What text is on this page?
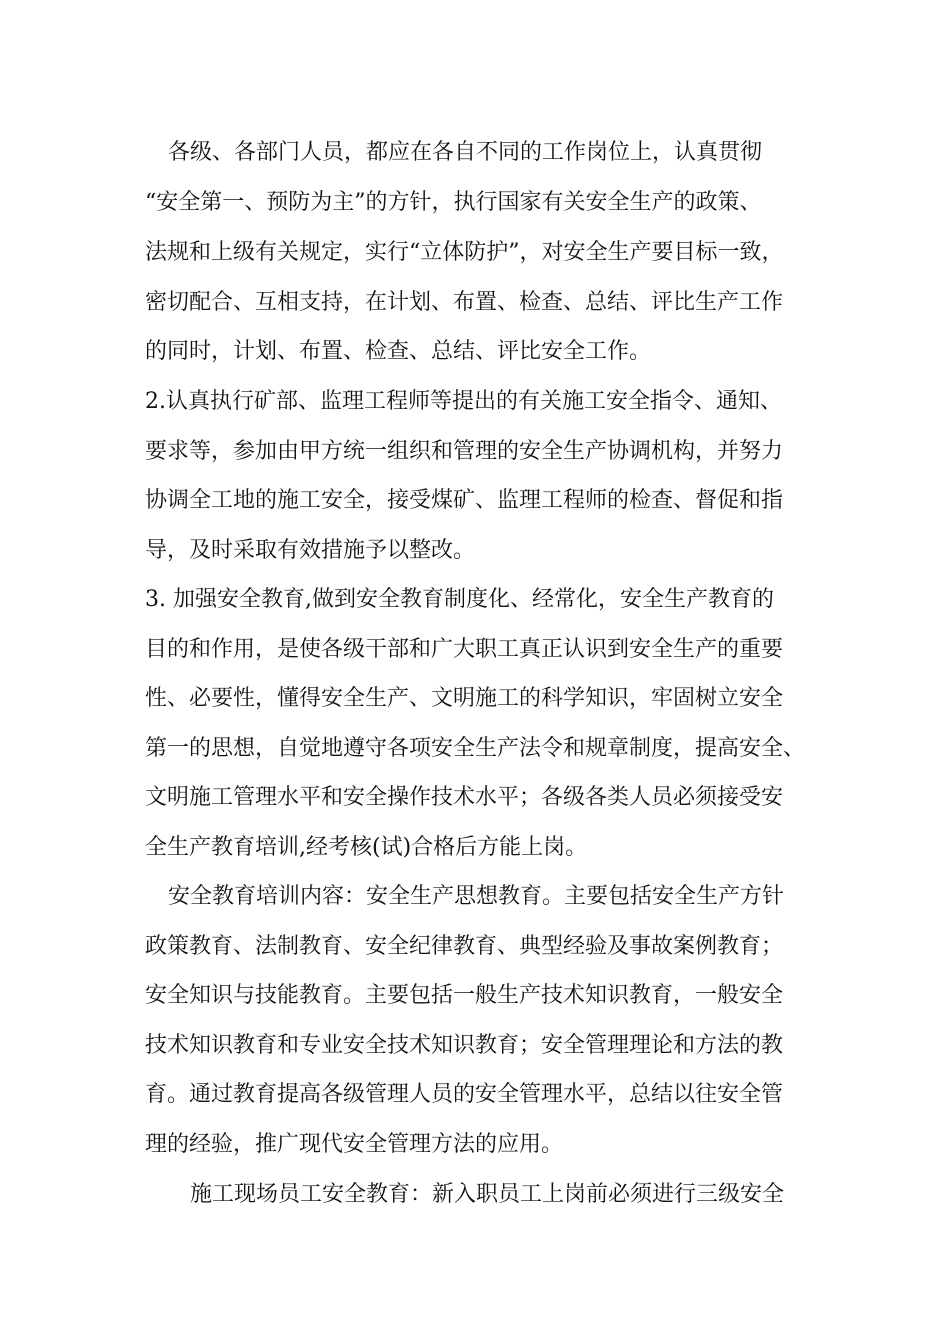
各级、各部门人员，都应在各自不同的工作岗位上，认真贯彻
“安全第一、预防为主”的方针，执行国家有关安全生产的政策、
法规和上级有关规定，实行“立体防护”，对安全生产要目标一致，
密切配合、互相支持，在计划、布置、检查、总结、评比生产工作
的同时，计划、布置、检查、总结、评比安全工作。
2.认真执行矿部、监理工程师等提出的有关施工安全指令、通知、
要求等，参加由甲方统一组织和管理的安全生产协调机构，并努力
协调全工地的施工安全，接受煤矿、监理工程师的检查、督促和指
导，及时采取有效措施予以整改。
3. 加强安全教育,做到安全教育制度化、经常化，安全生产教育的
目的和作用，是使各级干部和广大职工真正认识到安全生产的重要
性、必要性，懂得安全生产、文明施工的科学知识，牢固树立安全
第一的思想，自觉地遵守各项安全生产法令和规章制度，提高安全、
文明施工管理水平和安全操作技术水平；各级各类人员必须接受安
全生产教育培训,经考核(试)合格后方能上岗。
安全教育培训内容：安全生产思想教育。主要包括安全生产方针
政策教育、法制教育、安全纪律教育、典型经验及事故案例教育；
安全知识与技能教育。主要包括一般生产技术知识教育，一般安全
技术知识教育和专业安全技术知识教育；安全管理理论和方法的教
育。通过教育提高各级管理人员的安全管理水平，总结以往安全管
理的经验，推广现代安全管理方法的应用。
施工现场员工安全教育：新入职员工上岗前必须进行三级安全
